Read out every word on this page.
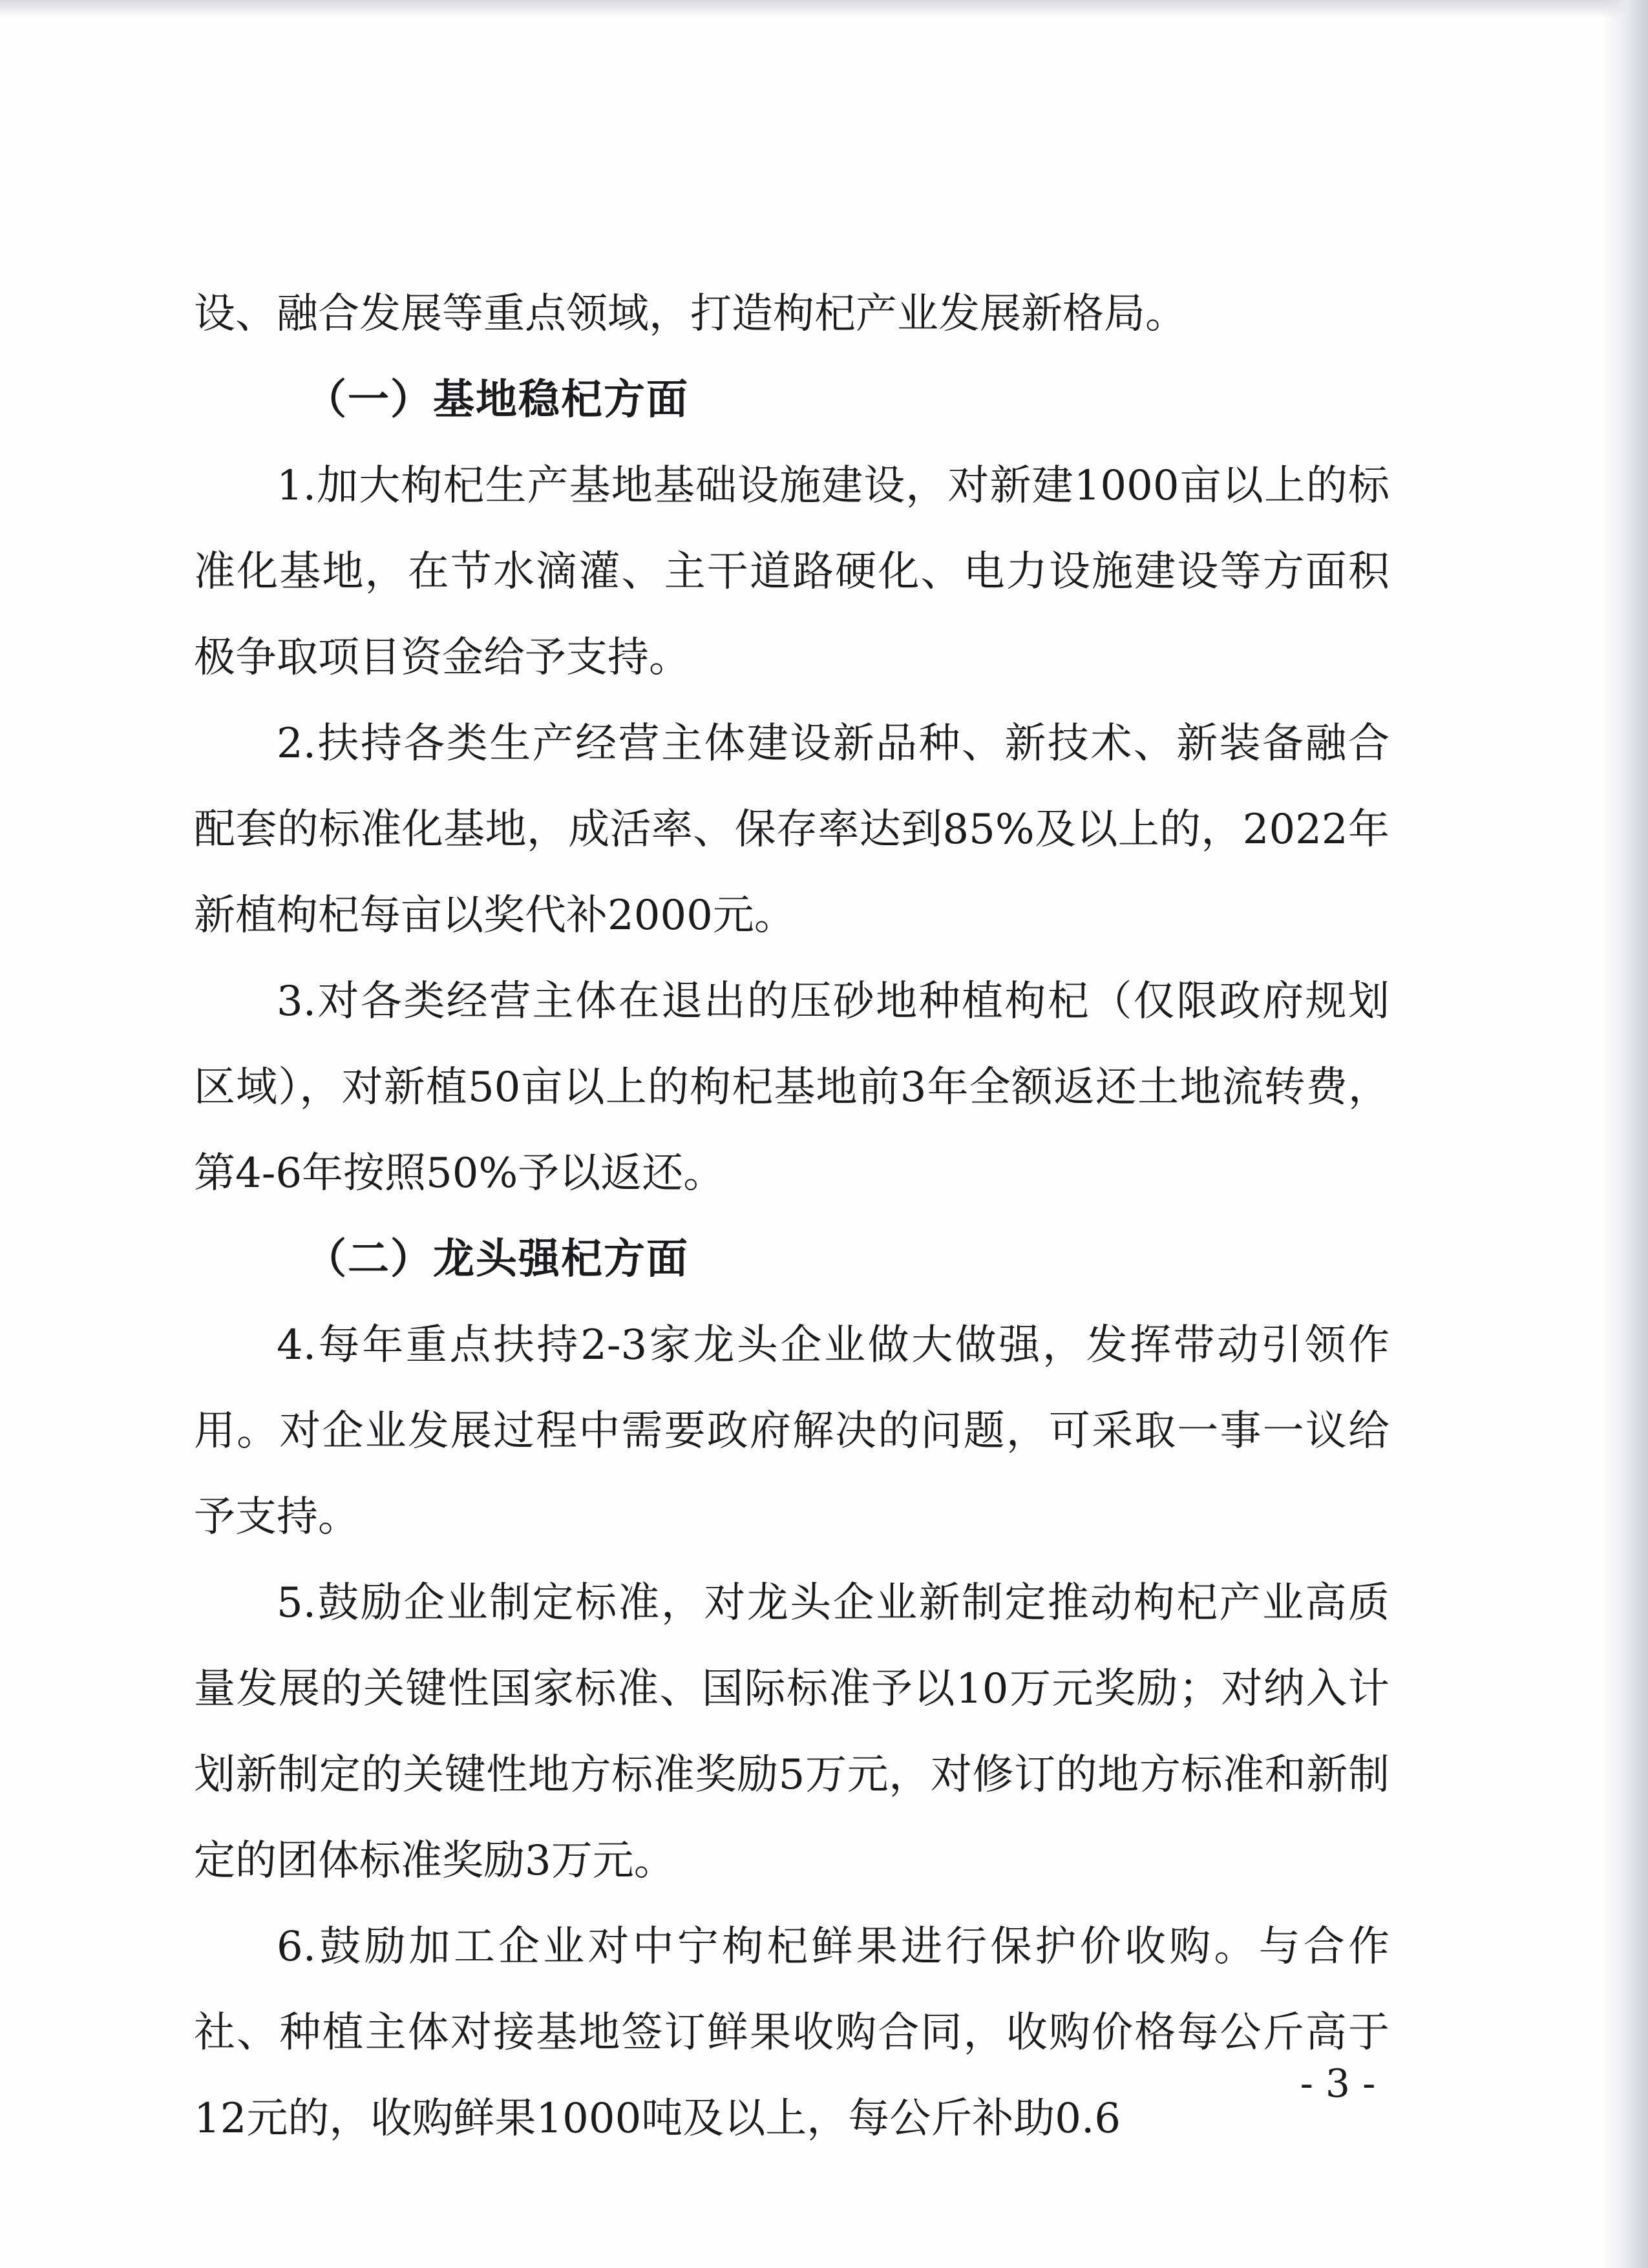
设、融合发展等重点领域，打造枸杞产业发展新格局。

（一）基地稳杞方面

1.加大枸杞生产基地基础设施建设，对新建1000亩以上的标准化基地，在节水滴灌、主干道路硬化、电力设施建设等方面积极争取项目资金给予支持。

2.扶持各类生产经营主体建设新品种、新技术、新装备融合配套的标准化基地，成活率、保存率达到85%及以上的，2022年新植枸杞每亩以奖代补2000元。

3.对各类经营主体在退出的压砂地种植枸杞（仅限政府规划区域），对新植50亩以上的枸杞基地前3年全额返还土地流转费，第4-6年按照50%予以返还。

（二）龙头强杞方面

4.每年重点扶持2-3家龙头企业做大做强，发挥带动引领作用。对企业发展过程中需要政府解决的问题，可采取一事一议给予支持。

5.鼓励企业制定标准，对龙头企业新制定推动枸杞产业高质量发展的关键性国家标准、国际标准予以10万元奖励；对纳入计划新制定的关键性地方标准奖励5万元，对修订的地方标准和新制定的团体标准奖励3万元。

6.鼓励加工企业对中宁枸杞鲜果进行保护价收购。与合作社、种植主体对接基地签订鲜果收购合同，收购价格每公斤高于12元的，收购鲜果1000吨及以上，每公斤补助0.6

- 3 -
